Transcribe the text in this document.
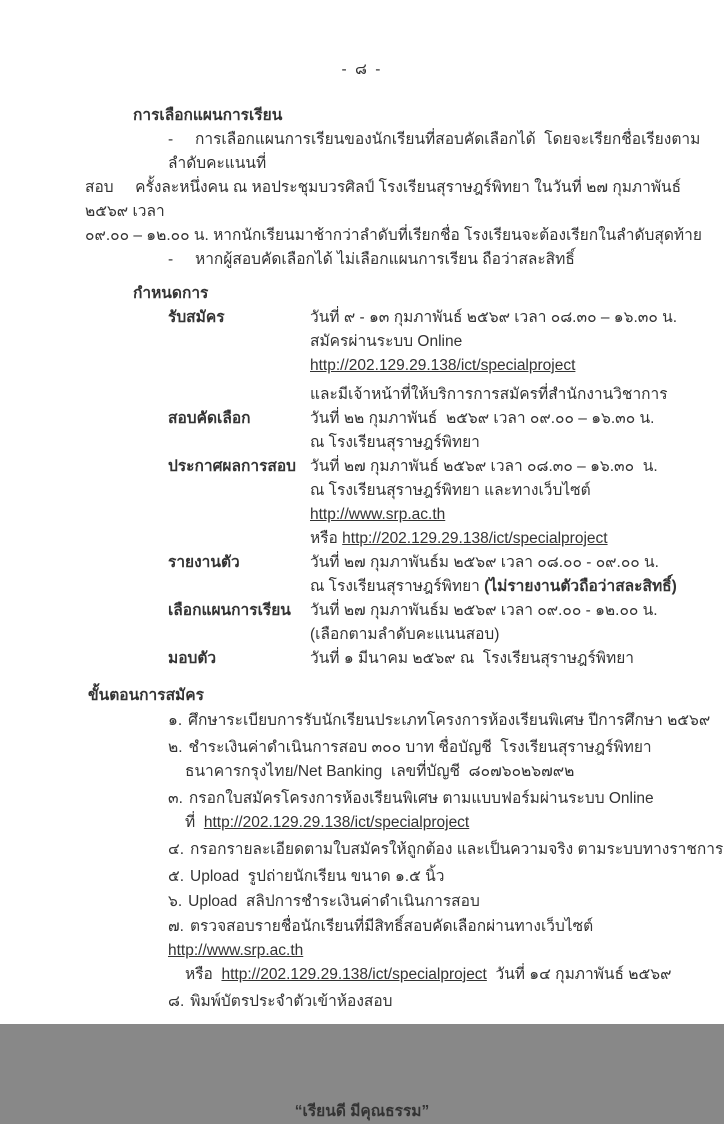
- ๘ -
การเลือกแผนการเรียน
- การเลือกแผนการเรียนของนักเรียนที่สอบคัดเลือกได้  โดยจะเรียกชื่อเรียงตามลำดับคะแนนที่
สอบ     ครั้งละหนึ่งคน ณ หอประชุมบวรศิลป์ โรงเรียนสุราษฎร์พิทยา ในวันที่ ๒๗ กุมภาพันธ์ ๒๕๖๙ เวลา
๐๙.๐๐ – ๑๒.๐๐ น. หากนักเรียนมาช้ากว่าลำดับที่เรียกชื่อ โรงเรียนจะต้องเรียกในลำดับสุดท้าย
- หากผู้สอบคัดเลือกได้ ไม่เลือกแผนการเรียน ถือว่าสละสิทธิ์
กำหนดการ
รับสมัคร	วันที่ ๙ - ๑๓ กุมภาพันธ์ ๒๕๖๙ เวลา ๐๘.๓๐ – ๑๖.๓๐ น.
สมัครผ่านระบบ Online
http://202.129.29.138/ict/specialproject
และมีเจ้าหน้าที่ให้บริการการสมัครที่สำนักงานวิชาการ
สอบคัดเลือก	วันที่ ๒๒ กุมภาพันธ์  ๒๕๖๙ เวลา ๐๙.๐๐ – ๑๖.๓๐ น.
ณ โรงเรียนสุราษฎร์พิทยา
ประกาศผลการสอบ วันที่ ๒๗ กุมภาพันธ์ ๒๕๖๙ เวลา ๐๘.๓๐ – ๑๖.๓๐  น.
ณ โรงเรียนสุราษฎร์พิทยา และทางเว็บไซต์ http://www.srp.ac.th
หรือ http://202.129.29.138/ict/specialproject
รายงานตัว	วันที่ ๒๗ กุมภาพันธ์ม ๒๕๖๙ เวลา ๐๘.๐๐ - ๐๙.๐๐ น.
ณ โรงเรียนสุราษฎร์พิทยา (ไม่รายงานตัวถือว่าสละสิทธิ์)
เลือกแผนการเรียน	วันที่ ๒๗ กุมภาพันธ์ม ๒๕๖๙ เวลา ๐๙.๐๐ - ๑๒.๐๐ น.
(เลือกตามลำดับคะแนนสอบ)
มอบตัว	วันที่ ๑ มีนาคม ๒๕๖๙ ณ  โรงเรียนสุราษฎร์พิทยา
ขั้นตอนการสมัคร
๑. ศึกษาระเบียบการรับนักเรียนประเภทโครงการห้องเรียนพิเศษ ปีการศึกษา ๒๕๖๙
๒. ชำระเงินค่าดำเนินการสอบ ๓๐๐ บาท ชื่อบัญชี  โรงเรียนสุราษฎร์พิทยา
ธนาคารกรุงไทย/Net Banking  เลขที่บัญชี  ๘๐๗๖๐๒๖๗๙๒
๓. กรอกใบสมัครโครงการห้องเรียนพิเศษ ตามแบบฟอร์มผ่านระบบ Online
ที่  http://202.129.29.138/ict/specialproject
๔. กรอกรายละเอียดตามใบสมัครให้ถูกต้อง และเป็นความจริง ตามระบบทางราชการ
๕. Upload  รูปถ่ายนักเรียน ขนาด ๑.๕ นิ้ว
๖. Upload  สลิปการชำระเงินค่าดำเนินการสอบ
๗. ตรวจสอบรายชื่อนักเรียนที่มีสิทธิ์สอบคัดเลือกผ่านทางเว็บไซต์ http://www.srp.ac.th
หรือ  http://202.129.29.138/ict/specialproject  วันที่ ๑๔ กุมภาพันธ์ ๒๕๖๙
๘. พิมพ์บัตรประจำตัวเข้าห้องสอบ
“เรียนดี มีคุณธรรม”
